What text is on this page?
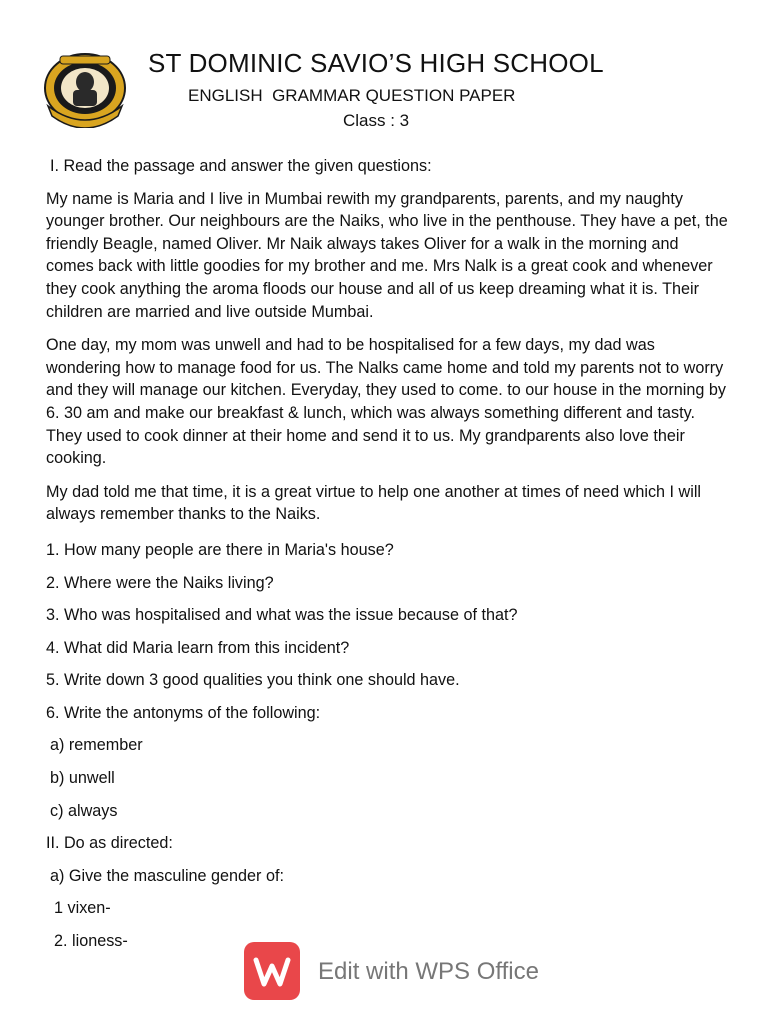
ST DOMINIC SAVIO’S HIGH SCHOOL
ENGLISH  GRAMMAR QUESTION PAPER
Class : 3

I. Read the passage and answer the given questions:

My name is Maria and I live in Mumbai rewith my grandparents, parents, and my naughty younger brother. Our neighbours are the Naiks, who live in the penthouse. They have a pet, the friendly Beagle, named Oliver. Mr Naik always takes Oliver for a walk in the morning and comes back with little goodies for my brother and me. Mrs Nalk is a great cook and whenever they cook anything the aroma floods our house and all of us keep dreaming what it is. Their children are married and live outside Mumbai.

One day, my mom was unwell and had to be hospitalised for a few days, my dad was wondering how to manage food for us. The Nalks came home and told my parents not to worry and they will manage our kitchen. Everyday, they used to come. to our house in the morning by 6. 30 am and make our breakfast & lunch, which was always something different and tasty. They used to cook dinner at their home and send it to us. My grandparents also love their cooking.

My dad told me that time, it is a great virtue to help one another at times of need which I will always remember thanks to the Naiks.

1. How many people are there in Maria's house?
2. Where were the Naiks living?
3. Who was hospitalised and what was the issue because of that?
4. What did Maria learn from this incident?
5. Write down 3 good qualities you think one should have.
6. Write the antonyms of the following:
a) remember
b) unwell
c) always
II. Do as directed:
a) Give the masculine gender of:
1 vixen-
2. lioness-
Edit with WPS Office
